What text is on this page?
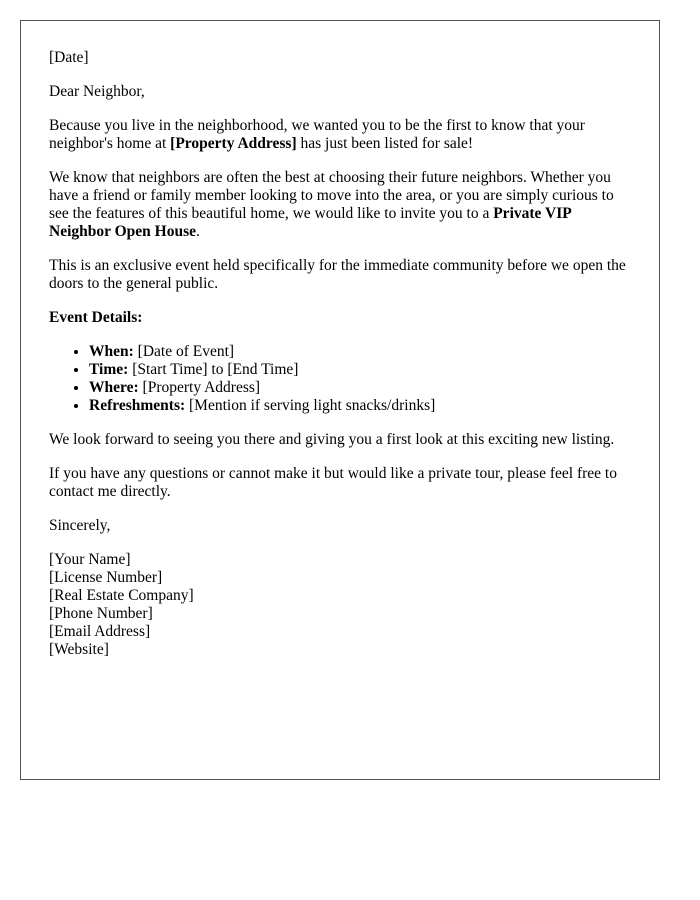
[Date]

Dear Neighbor,

Because you live in the neighborhood, we wanted you to be the first to know that your neighbor's home at [Property Address] has just been listed for sale!

We know that neighbors are often the best at choosing their future neighbors. Whether you have a friend or family member looking to move into the area, or you are simply curious to see the features of this beautiful home, we would like to invite you to a Private VIP Neighbor Open House.

This is an exclusive event held specifically for the immediate community before we open the doors to the general public.

Event Details:

• When: [Date of Event]
• Time: [Start Time] to [End Time]
• Where: [Property Address]
• Refreshments: [Mention if serving light snacks/drinks]

We look forward to seeing you there and giving you a first look at this exciting new listing.

If you have any questions or cannot make it but would like a private tour, please feel free to contact me directly.

Sincerely,

[Your Name]
[License Number]
[Real Estate Company]
[Phone Number]
[Email Address]
[Website]
